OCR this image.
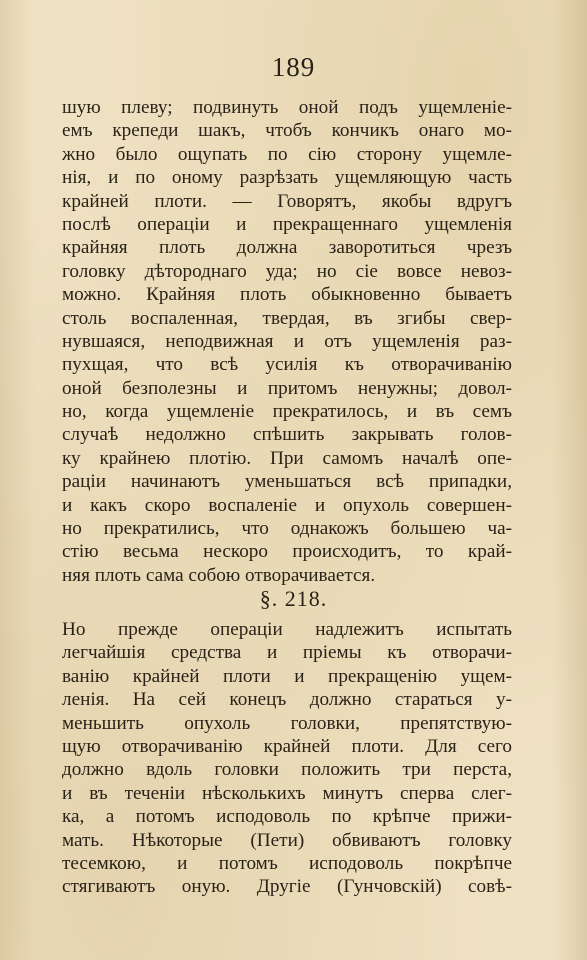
189
шую плеву; подвинуть оной подъ ущемленіе-
емъ крепеди шакъ, чтобъ кончикъ онаго мо-
жно было ощупать по сію сторону ущемле-
нія, и по оному разрѣзать ущемляющую часть
крайней плоти. — Говорятъ, якобы вдругъ
послѣ операціи и прекращеннаго ущемленія
крайняя плоть должна заворотиться чрезъ
головку дѣтороднаго уда; но сіе вовсе невоз-
можно. Крайняя плоть обыкновенно бываетъ
столь воспаленная, твердая, въ згибы свер-
нувшаяся, неподвижная и отъ ущемленія раз-
пухщая, что всѣ усилія къ отворачиванію
оной безполезны и притомъ ненужны; довол-
но, когда ущемленіе прекратилось, и въ семъ
случаѣ недолжно спѣшить закрывать голов-
ку крайнею плотію. При самомъ началѣ опе-
раціи начинаютъ уменьшаться всѣ припадки,
и какъ скоро воспаленіе и опухоль совершен-
но прекратились, что однакожъ большею ча-
стію весьма нескоро происходитъ, то край-
няя плоть сама собою отворачивается.
§. 218.
Но прежде операціи надлежитъ испытать
легчайшія средства и пріемы къ отворачи-
ванію крайней плоти и прекращенію ущем-
ленія. На сей конецъ должно стараться у-
меньшить опухоль головки, препятствую-
щую отворачиванію крайней плоти. Для сего
должно вдоль головки положить три перста,
и въ теченіи нѣсколькихъ минутъ сперва слег-
ка, а потомъ исподоволь по крѣпче прижи-
мать. Нѣкоторые (Пети) обвиваютъ головку
тесемкою, и потомъ исподоволь покрѣпче
стягиваютъ оную. Другіе (Гунчовскій) совѣ-
